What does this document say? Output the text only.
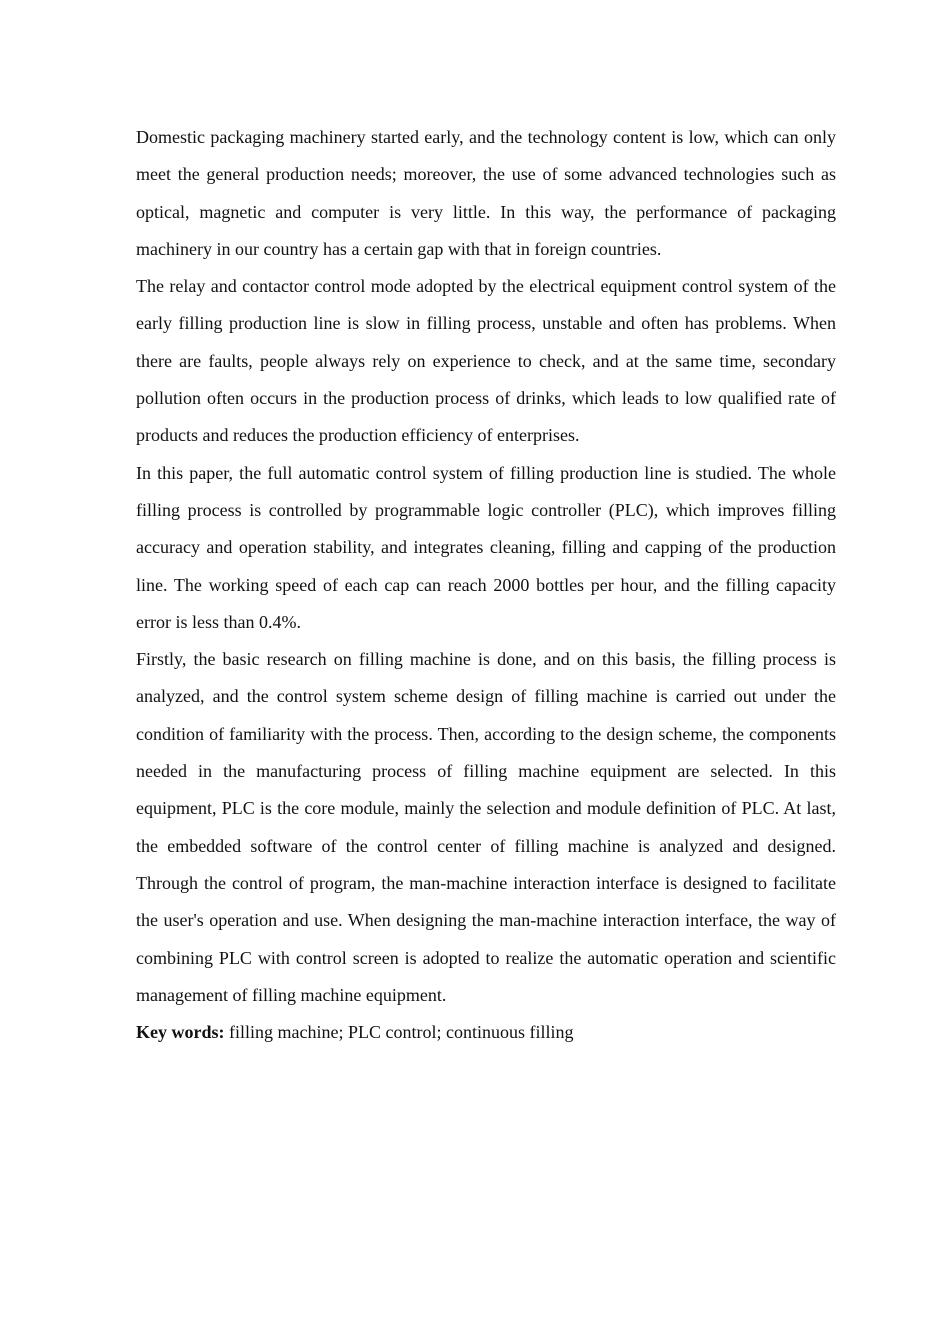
Domestic packaging machinery started early, and the technology content is low, which can only meet the general production needs; moreover, the use of some advanced technologies such as optical, magnetic and computer is very little. In this way, the performance of packaging machinery in our country has a certain gap with that in foreign countries.

The relay and contactor control mode adopted by the electrical equipment control system of the early filling production line is slow in filling process, unstable and often has problems. When there are faults, people always rely on experience to check, and at the same time, secondary pollution often occurs in the production process of drinks, which leads to low qualified rate of products and reduces the production efficiency of enterprises.

In this paper, the full automatic control system of filling production line is studied. The whole filling process is controlled by programmable logic controller (PLC), which improves filling accuracy and operation stability, and integrates cleaning, filling and capping of the production line. The working speed of each cap can reach 2000 bottles per hour, and the filling capacity error is less than 0.4%.

Firstly, the basic research on filling machine is done, and on this basis, the filling process is analyzed, and the control system scheme design of filling machine is carried out under the condition of familiarity with the process. Then, according to the design scheme, the components needed in the manufacturing process of filling machine equipment are selected. In this equipment, PLC is the core module, mainly the selection and module definition of PLC. At last, the embedded software of the control center of filling machine is analyzed and designed. Through the control of program, the man-machine interaction interface is designed to facilitate the user's operation and use. When designing the man-machine interaction interface, the way of combining PLC with control screen is adopted to realize the automatic operation and scientific management of filling machine equipment.

Key words: filling machine; PLC control; continuous filling
